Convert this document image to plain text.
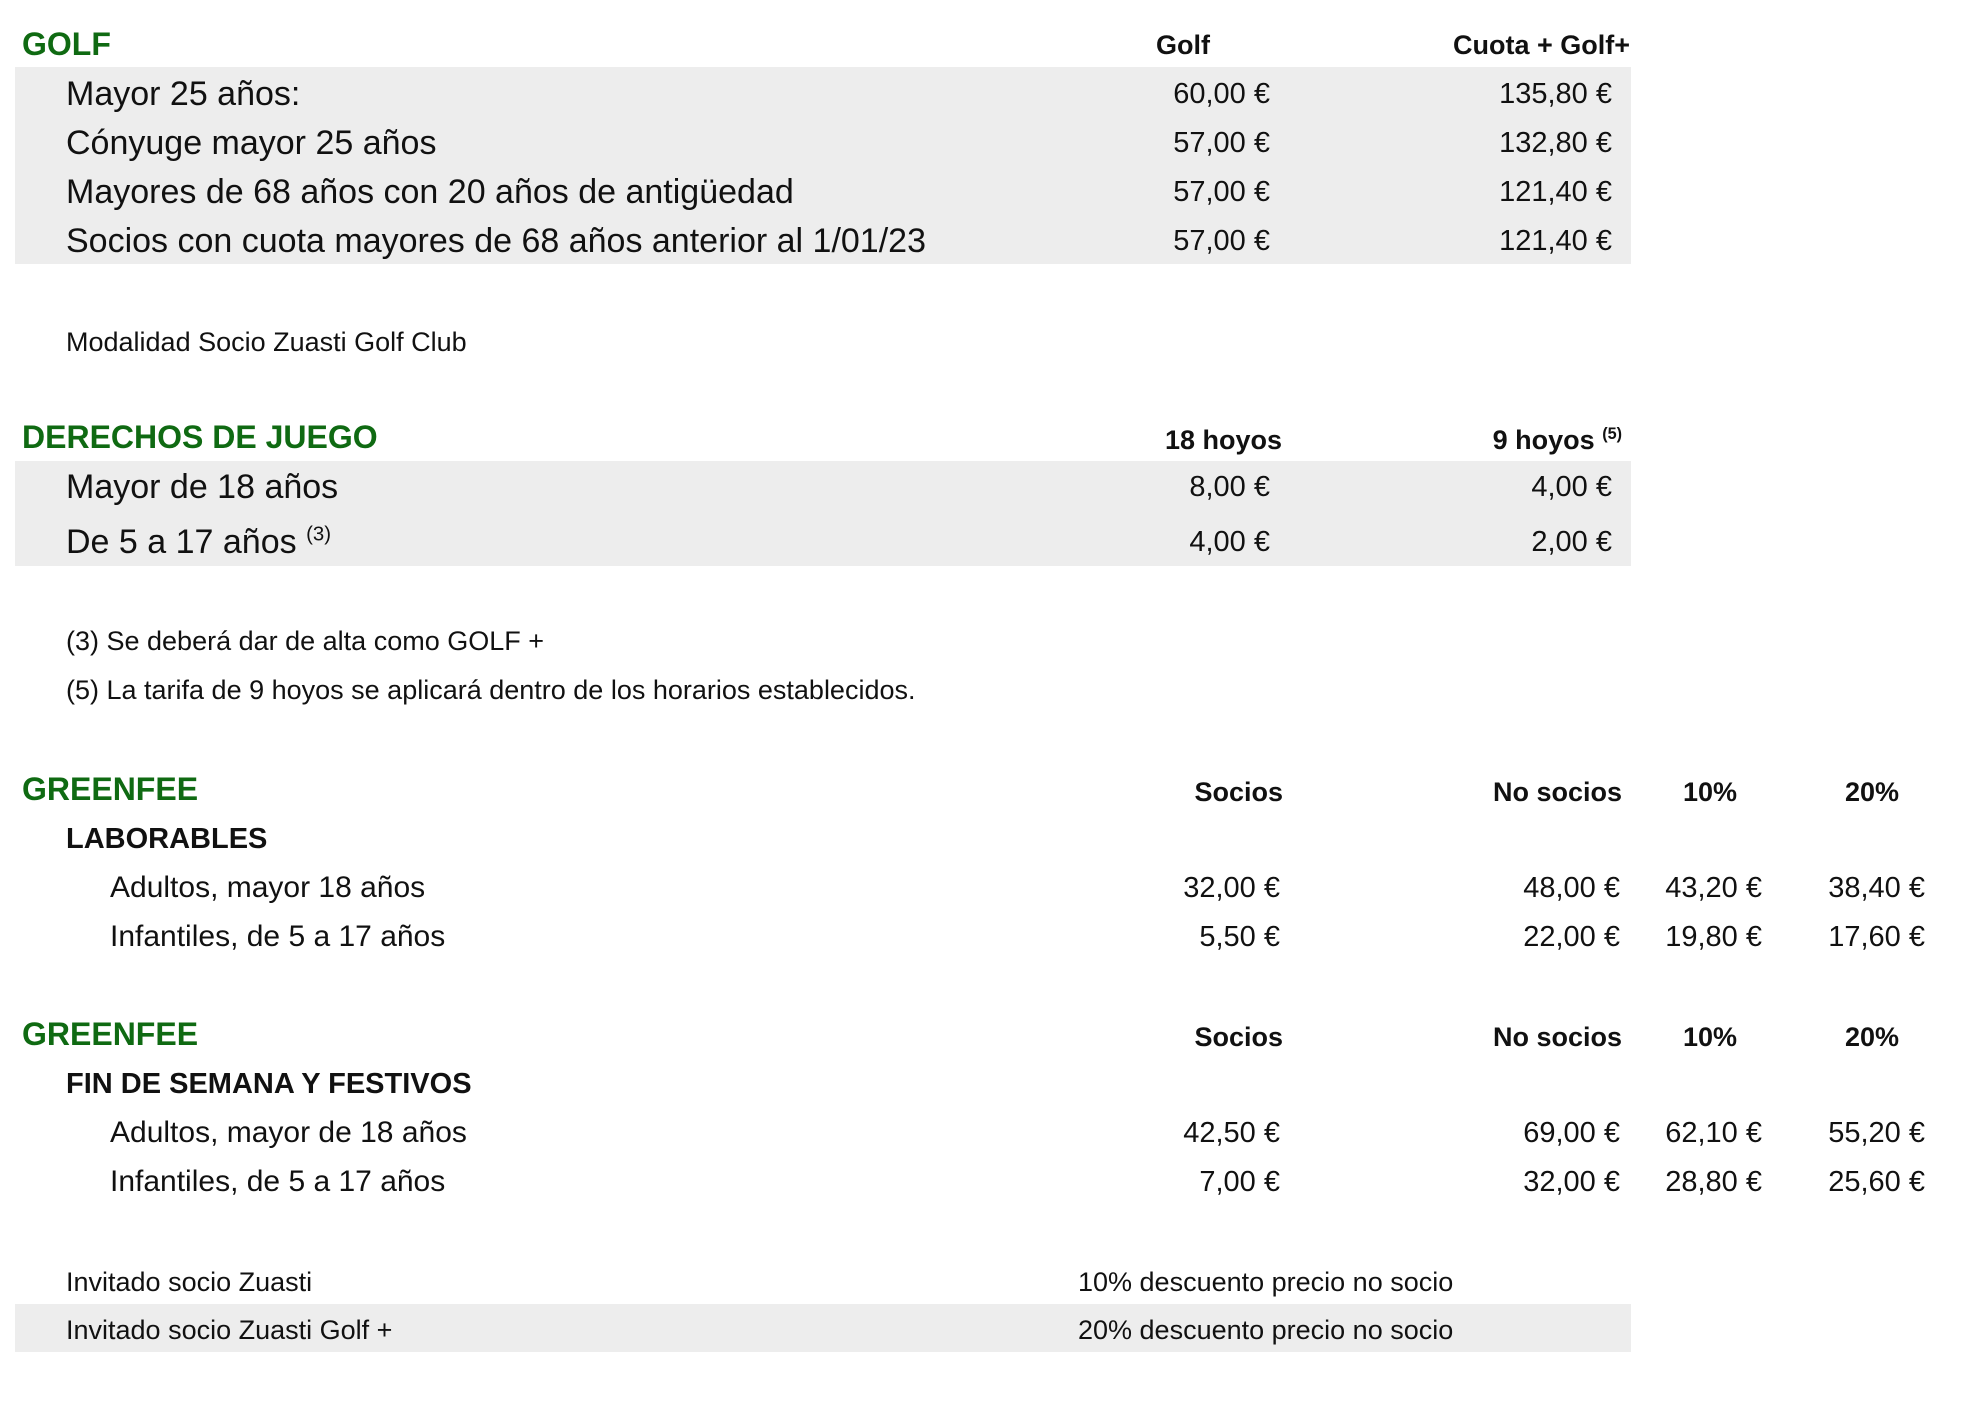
GOLF	Golf	Cuota + Golf+
Mayor 25 años:	60,00 €	135,80 €
Cónyuge mayor 25 años	57,00 €	132,80 €
Mayores de 68 años con 20 años de antigüedad	57,00 €	121,40 €
Socios con cuota mayores de 68 años anterior al 1/01/23	57,00 €	121,40 €
Modalidad Socio Zuasti Golf Club
DERECHOS DE JUEGO	18 hoyos	9 hoyos $^{(5)}$
Mayor de 18 años	8,00 €	4,00 €
De 5 a 17 años $^{(3)}$	4,00 €	2,00 €
(3) Se deberá dar de alta como GOLF +
(5) La tarifa de 9 hoyos se aplicará dentro de los horarios establecidos.
GREENFEE	Socios	No socios	10%	20%
LABORABLES
Adultos, mayor 18 años	32,00 €	48,00 €	43,20 €	38,40 €
Infantiles, de 5 a 17 años	5,50 €	22,00 €	19,80 €	17,60 €
GREENFEE	Socios	No socios	10%	20%
FIN DE SEMANA Y FESTIVOS
Adultos, mayor de 18 años	42,50 €	69,00 €	62,10 €	55,20 €
Infantiles, de 5 a 17 años	7,00 €	32,00 €	28,80 €	25,60 €
Invitado socio Zuasti	10% descuento precio no socio
Invitado socio Zuasti Golf +	20% descuento precio no socio
